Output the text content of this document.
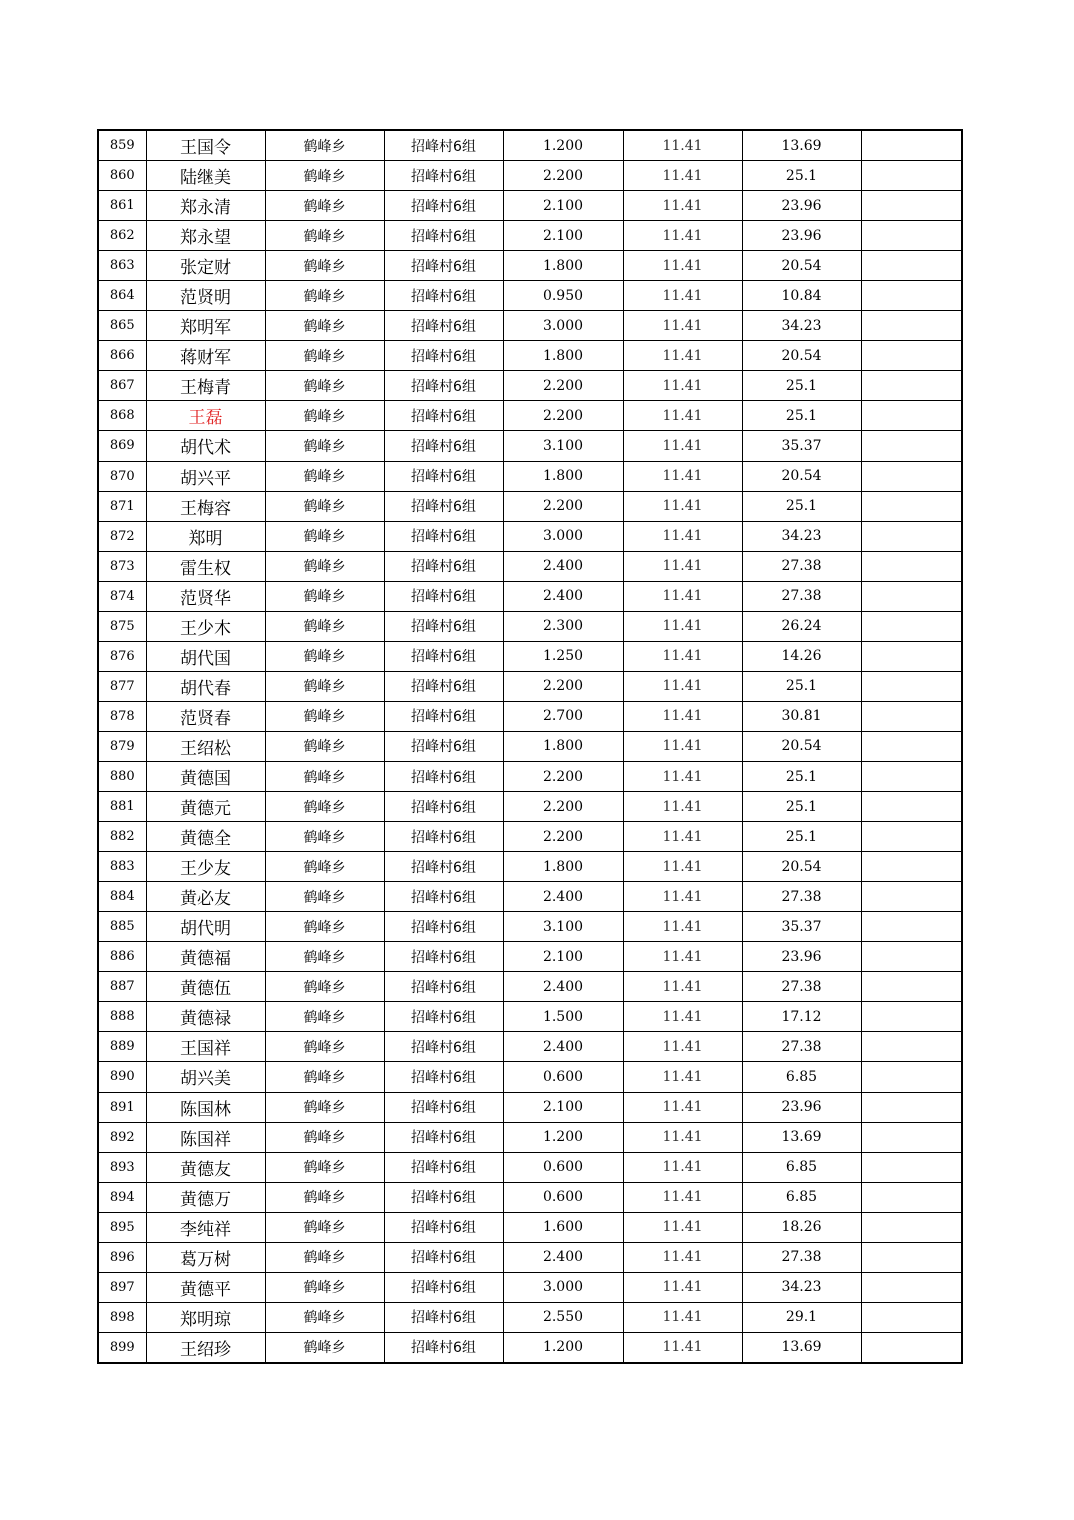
859	王国令	鹤峰乡	招峰村6组	1.200	11.41	13.69	
860	陆继美	鹤峰乡	招峰村6组	2.200	11.41	25.1	
861	郑永清	鹤峰乡	招峰村6组	2.100	11.41	23.96	
862	郑永望	鹤峰乡	招峰村6组	2.100	11.41	23.96	
863	张定财	鹤峰乡	招峰村6组	1.800	11.41	20.54	
864	范贤明	鹤峰乡	招峰村6组	0.950	11.41	10.84	
865	郑明军	鹤峰乡	招峰村6组	3.000	11.41	34.23	
866	蒋财军	鹤峰乡	招峰村6组	1.800	11.41	20.54	
867	王梅青	鹤峰乡	招峰村6组	2.200	11.41	25.1	
868	王磊	鹤峰乡	招峰村6组	2.200	11.41	25.1	
869	胡代术	鹤峰乡	招峰村6组	3.100	11.41	35.37	
870	胡兴平	鹤峰乡	招峰村6组	1.800	11.41	20.54	
871	王梅容	鹤峰乡	招峰村6组	2.200	11.41	25.1	
872	郑明	鹤峰乡	招峰村6组	3.000	11.41	34.23	
873	雷生权	鹤峰乡	招峰村6组	2.400	11.41	27.38	
874	范贤华	鹤峰乡	招峰村6组	2.400	11.41	27.38	
875	王少木	鹤峰乡	招峰村6组	2.300	11.41	26.24	
876	胡代国	鹤峰乡	招峰村6组	1.250	11.41	14.26	
877	胡代春	鹤峰乡	招峰村6组	2.200	11.41	25.1	
878	范贤春	鹤峰乡	招峰村6组	2.700	11.41	30.81	
879	王绍松	鹤峰乡	招峰村6组	1.800	11.41	20.54	
880	黄德国	鹤峰乡	招峰村6组	2.200	11.41	25.1	
881	黄德元	鹤峰乡	招峰村6组	2.200	11.41	25.1	
882	黄德全	鹤峰乡	招峰村6组	2.200	11.41	25.1	
883	王少友	鹤峰乡	招峰村6组	1.800	11.41	20.54	
884	黄必友	鹤峰乡	招峰村6组	2.400	11.41	27.38	
885	胡代明	鹤峰乡	招峰村6组	3.100	11.41	35.37	
886	黄德福	鹤峰乡	招峰村6组	2.100	11.41	23.96	
887	黄德伍	鹤峰乡	招峰村6组	2.400	11.41	27.38	
888	黄德禄	鹤峰乡	招峰村6组	1.500	11.41	17.12	
889	王国祥	鹤峰乡	招峰村6组	2.400	11.41	27.38	
890	胡兴美	鹤峰乡	招峰村6组	0.600	11.41	6.85	
891	陈国林	鹤峰乡	招峰村6组	2.100	11.41	23.96	
892	陈国祥	鹤峰乡	招峰村6组	1.200	11.41	13.69	
893	黄德友	鹤峰乡	招峰村6组	0.600	11.41	6.85	
894	黄德万	鹤峰乡	招峰村6组	0.600	11.41	6.85	
895	李纯祥	鹤峰乡	招峰村6组	1.600	11.41	18.26	
896	葛万树	鹤峰乡	招峰村6组	2.400	11.41	27.38	
897	黄德平	鹤峰乡	招峰村6组	3.000	11.41	34.23	
898	郑明琼	鹤峰乡	招峰村6组	2.550	11.41	29.1	
899	王绍珍	鹤峰乡	招峰村6组	1.200	11.41	13.69	
